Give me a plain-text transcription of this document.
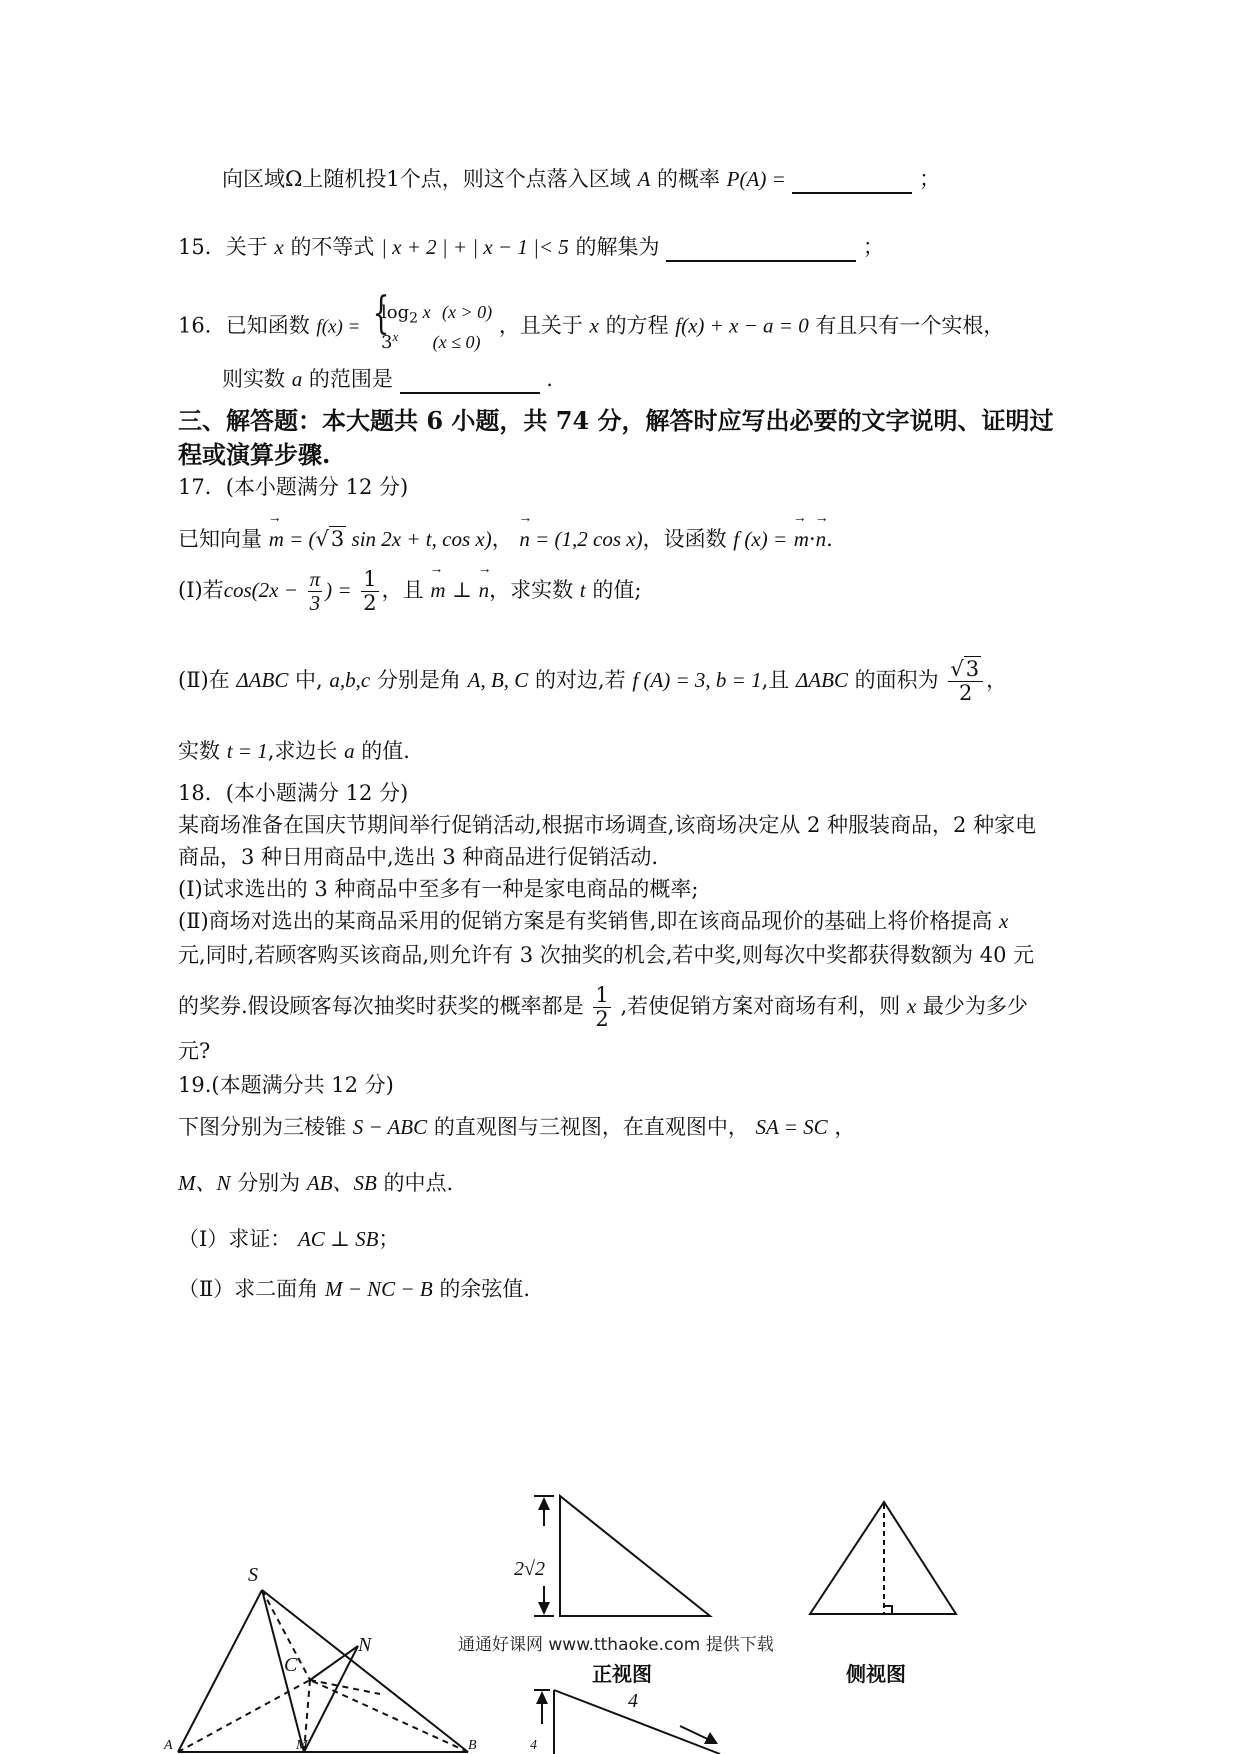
向区域Ω上随机投1个点，则这个点落入区域 A 的概率 P(A) =	；
15．关于 x 的不等式 | x + 2 | + | x − 1 |< 5 的解集为	；
16．已知函数 f(x) = {
$\log_2 x$ (x > 0)
3$^x$ (x ≤ 0) ，且关于 x 的方程 f(x) + x − a = 0 有且只有一个实根，
则实数 a 的范围是	.
三、解答题：本大题共 6 小题，共 74 分，解答时应写出必要的文字说明、证明过
程或演算步骤.
17．(本小题满分 12 分)
已知向量 m → = (√3 sin 2x + t, cos x)， n → = (1,2 cos x)，设函数 f (x) = m →·n →.
(Ⅰ)若$\cos(2x - \frac{\pi}{3}$ ) = $\frac{1}{2}$ ，且 m → ⊥ n →，求实数 t 的值;
(Ⅱ)在 ΔABC 中, a,b,c 分别是角 A, B, C 的对边,若 f (A) = 3, b = 1,且 ΔABC 的面积为 $\frac{√3}{2}$ ，
实数 t = 1,求边长 a 的值.
18．(本小题满分 12 分)
某商场准备在国庆节期间举行促销活动,根据市场调查,该商场决定从 2 种服装商品，2 种家电
商品，3 种日用商品中,选出 3 种商品进行促销活动.
(Ⅰ)试求选出的 3 种商品中至多有一种是家电商品的概率;
(Ⅱ)商场对选出的某商品采用的促销方案是有奖销售,即在该商品现价的基础上将价格提高 x
元,同时,若顾客购买该商品,则允许有 3 次抽奖的机会,若中奖,则每次中奖都获得数额为 40 元
的奖券.假设顾客每次抽奖时获奖的概率都是 $\frac{1}{2}$ ,若使促销方案对商场有利，则 x 最少为多少
元?
19.(本题满分共 12 分)
下图分别为三棱锥 S − ABC 的直观图与三视图，在直观图中， SA = SC ，
M、N 分别为 AB、SB 的中点.
（Ⅰ）求证： AC ⊥ SB；
（Ⅱ）求二面角 M − NC − B 的余弦值.
S
C
N
A	M	B
2√2
正视图	侧视图
4
4
通通好课网 www.tthaoke.com 提供下载
